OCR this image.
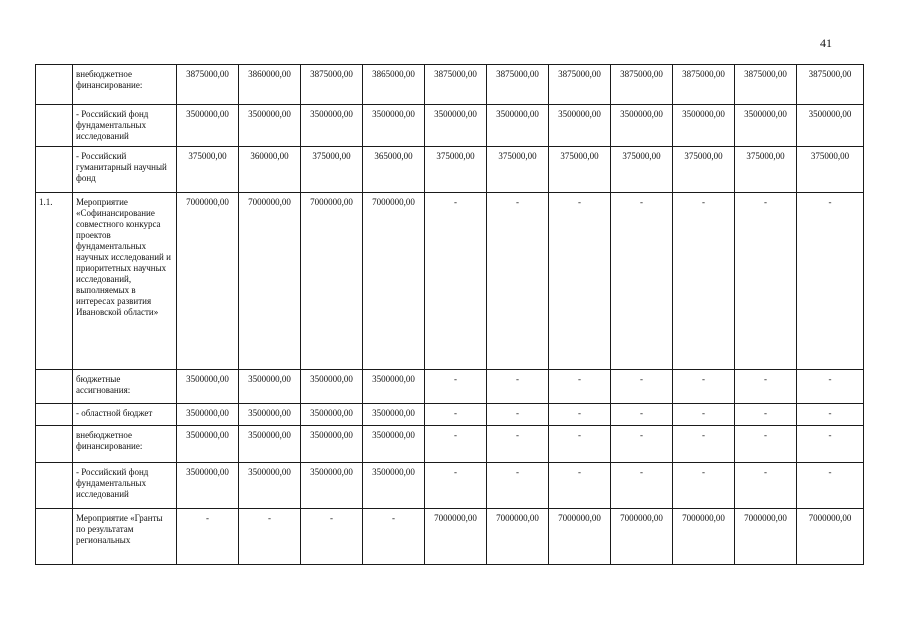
41
	внебюджетное финансирование:	3875000,00	3860000,00	3875000,00	3865000,00	3875000,00	3875000,00	3875000,00	3875000,00	3875000,00	3875000,00	3875000,00
	- Российский фонд фундаментальных исследований	3500000,00	3500000,00	3500000,00	3500000,00	3500000,00	3500000,00	3500000,00	3500000,00	3500000,00	3500000,00	3500000,00
	- Российский гуманитарный научный фонд	375000,00	360000,00	375000,00	365000,00	375000,00	375000,00	375000,00	375000,00	375000,00	375000,00	375000,00
1.1.	Мероприятие «Софинансирование совместного конкурса проектов фундаментальных научных исследований и приоритетных научных исследований, выполняемых в интересах развития Ивановской области»	7000000,00	7000000,00	7000000,00	7000000,00	-	-	-	-	-	-	-
	бюджетные ассигнования:	3500000,00	3500000,00	3500000,00	3500000,00	-	-	-	-	-	-	-
	- областной бюджет	3500000,00	3500000,00	3500000,00	3500000,00	-	-	-	-	-	-	-
	внебюджетное финансирование:	3500000,00	3500000,00	3500000,00	3500000,00	-	-	-	-	-	-	-
	- Российский фонд фундаментальных исследований	3500000,00	3500000,00	3500000,00	3500000,00	-	-	-	-	-	-	-
	Мероприятие «Гранты по результатам региональных	-	-	-	-	7000000,00	7000000,00	7000000,00	7000000,00	7000000,00	7000000,00	7000000,00
